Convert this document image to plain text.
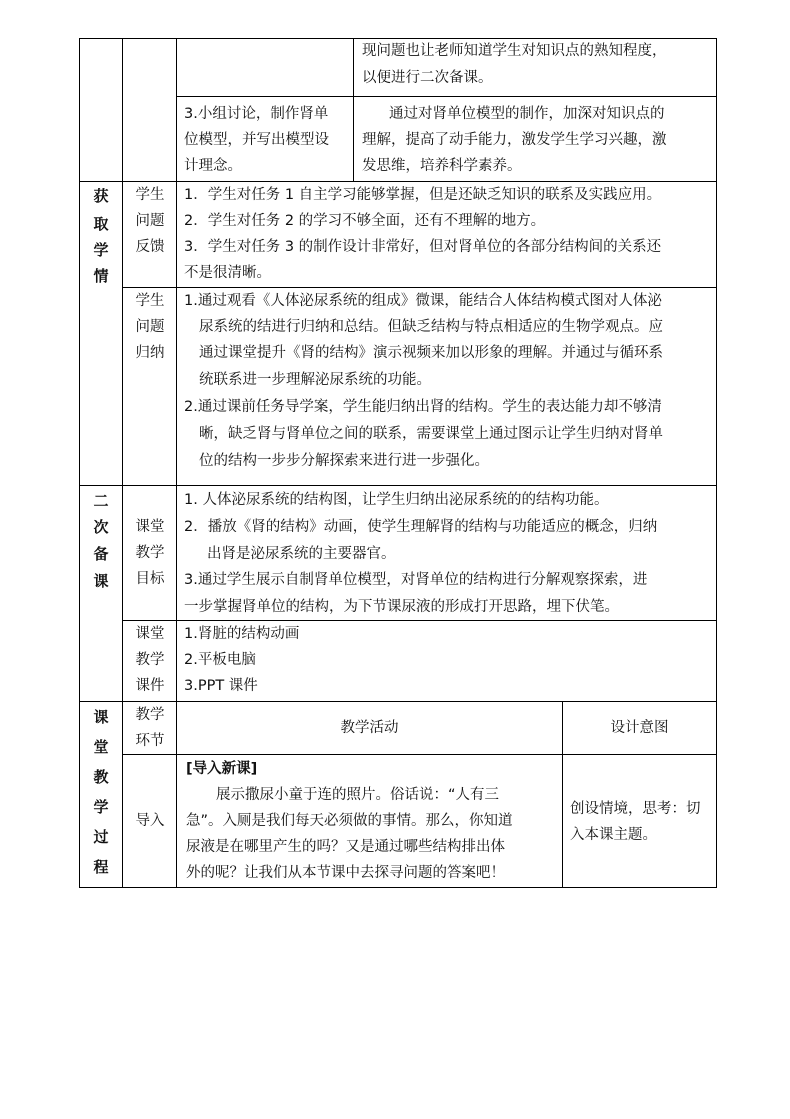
现问题也让老师知道学生对知识点的熟知程度，
以便进行二次备课。
3.小组讨论，制作肾单
位模型，并写出模型设
计理念。
通过对肾单位模型的制作，加深对知识点的
理解，提高了动手能力，激发学生学习兴趣，激
发思维，培养科学素养。
获
取
学
情
学生
问题
反馈
1．学生对任务 1 自主学习能够掌握，但是还缺乏知识的联系及实践应用。
2．学生对任务 2 的学习不够全面，还有不理解的地方。
3．学生对任务 3 的制作设计非常好，但对肾单位的各部分结构间的关系还
不是很清晰。
学生
问题
归纳
1.通过观看《人体泌尿系统的组成》微课，能结合人体结构模式图对人体泌
尿系统的结进行归纳和总结。但缺乏结构与特点相适应的生物学观点。应
通过课堂提升《肾的结构》演示视频来加以形象的理解。并通过与循环系
统联系进一步理解泌尿系统的功能。
2.通过课前任务导学案，学生能归纳出肾的结构。学生的表达能力却不够清
晰，缺乏肾与肾单位之间的联系，需要课堂上通过图示让学生归纳对肾单
位的结构一步步分解探索来进行进一步强化。
二
次
备
课
课堂
教学
目标
1. 人体泌尿系统的结构图，让学生归纳出泌尿系统的的结构功能。
2．播放《肾的结构》动画，使学生理解肾的结构与功能适应的概念，归纳
出肾是泌尿系统的主要器官。
3.通过学生展示自制肾单位模型，对肾单位的结构进行分解观察探索，进
一步掌握肾单位的结构，为下节课尿液的形成打开思路，埋下伏笔。
课堂
教学
课件
1.肾脏的结构动画
2.平板电脑
3.PPT 课件
课
堂
教
学
过
程
教学
环节
教学活动	设计意图
导入
[导入新课]
展示撒尿小童于连的照片。俗话说：“人有三
急”。入厕是我们每天必须做的事情。那么，你知道
尿液是在哪里产生的吗？又是通过哪些结构排出体
外的呢？让我们从本节课中去探寻问题的答案吧！
创设情境，思考：切
入本课主题。
